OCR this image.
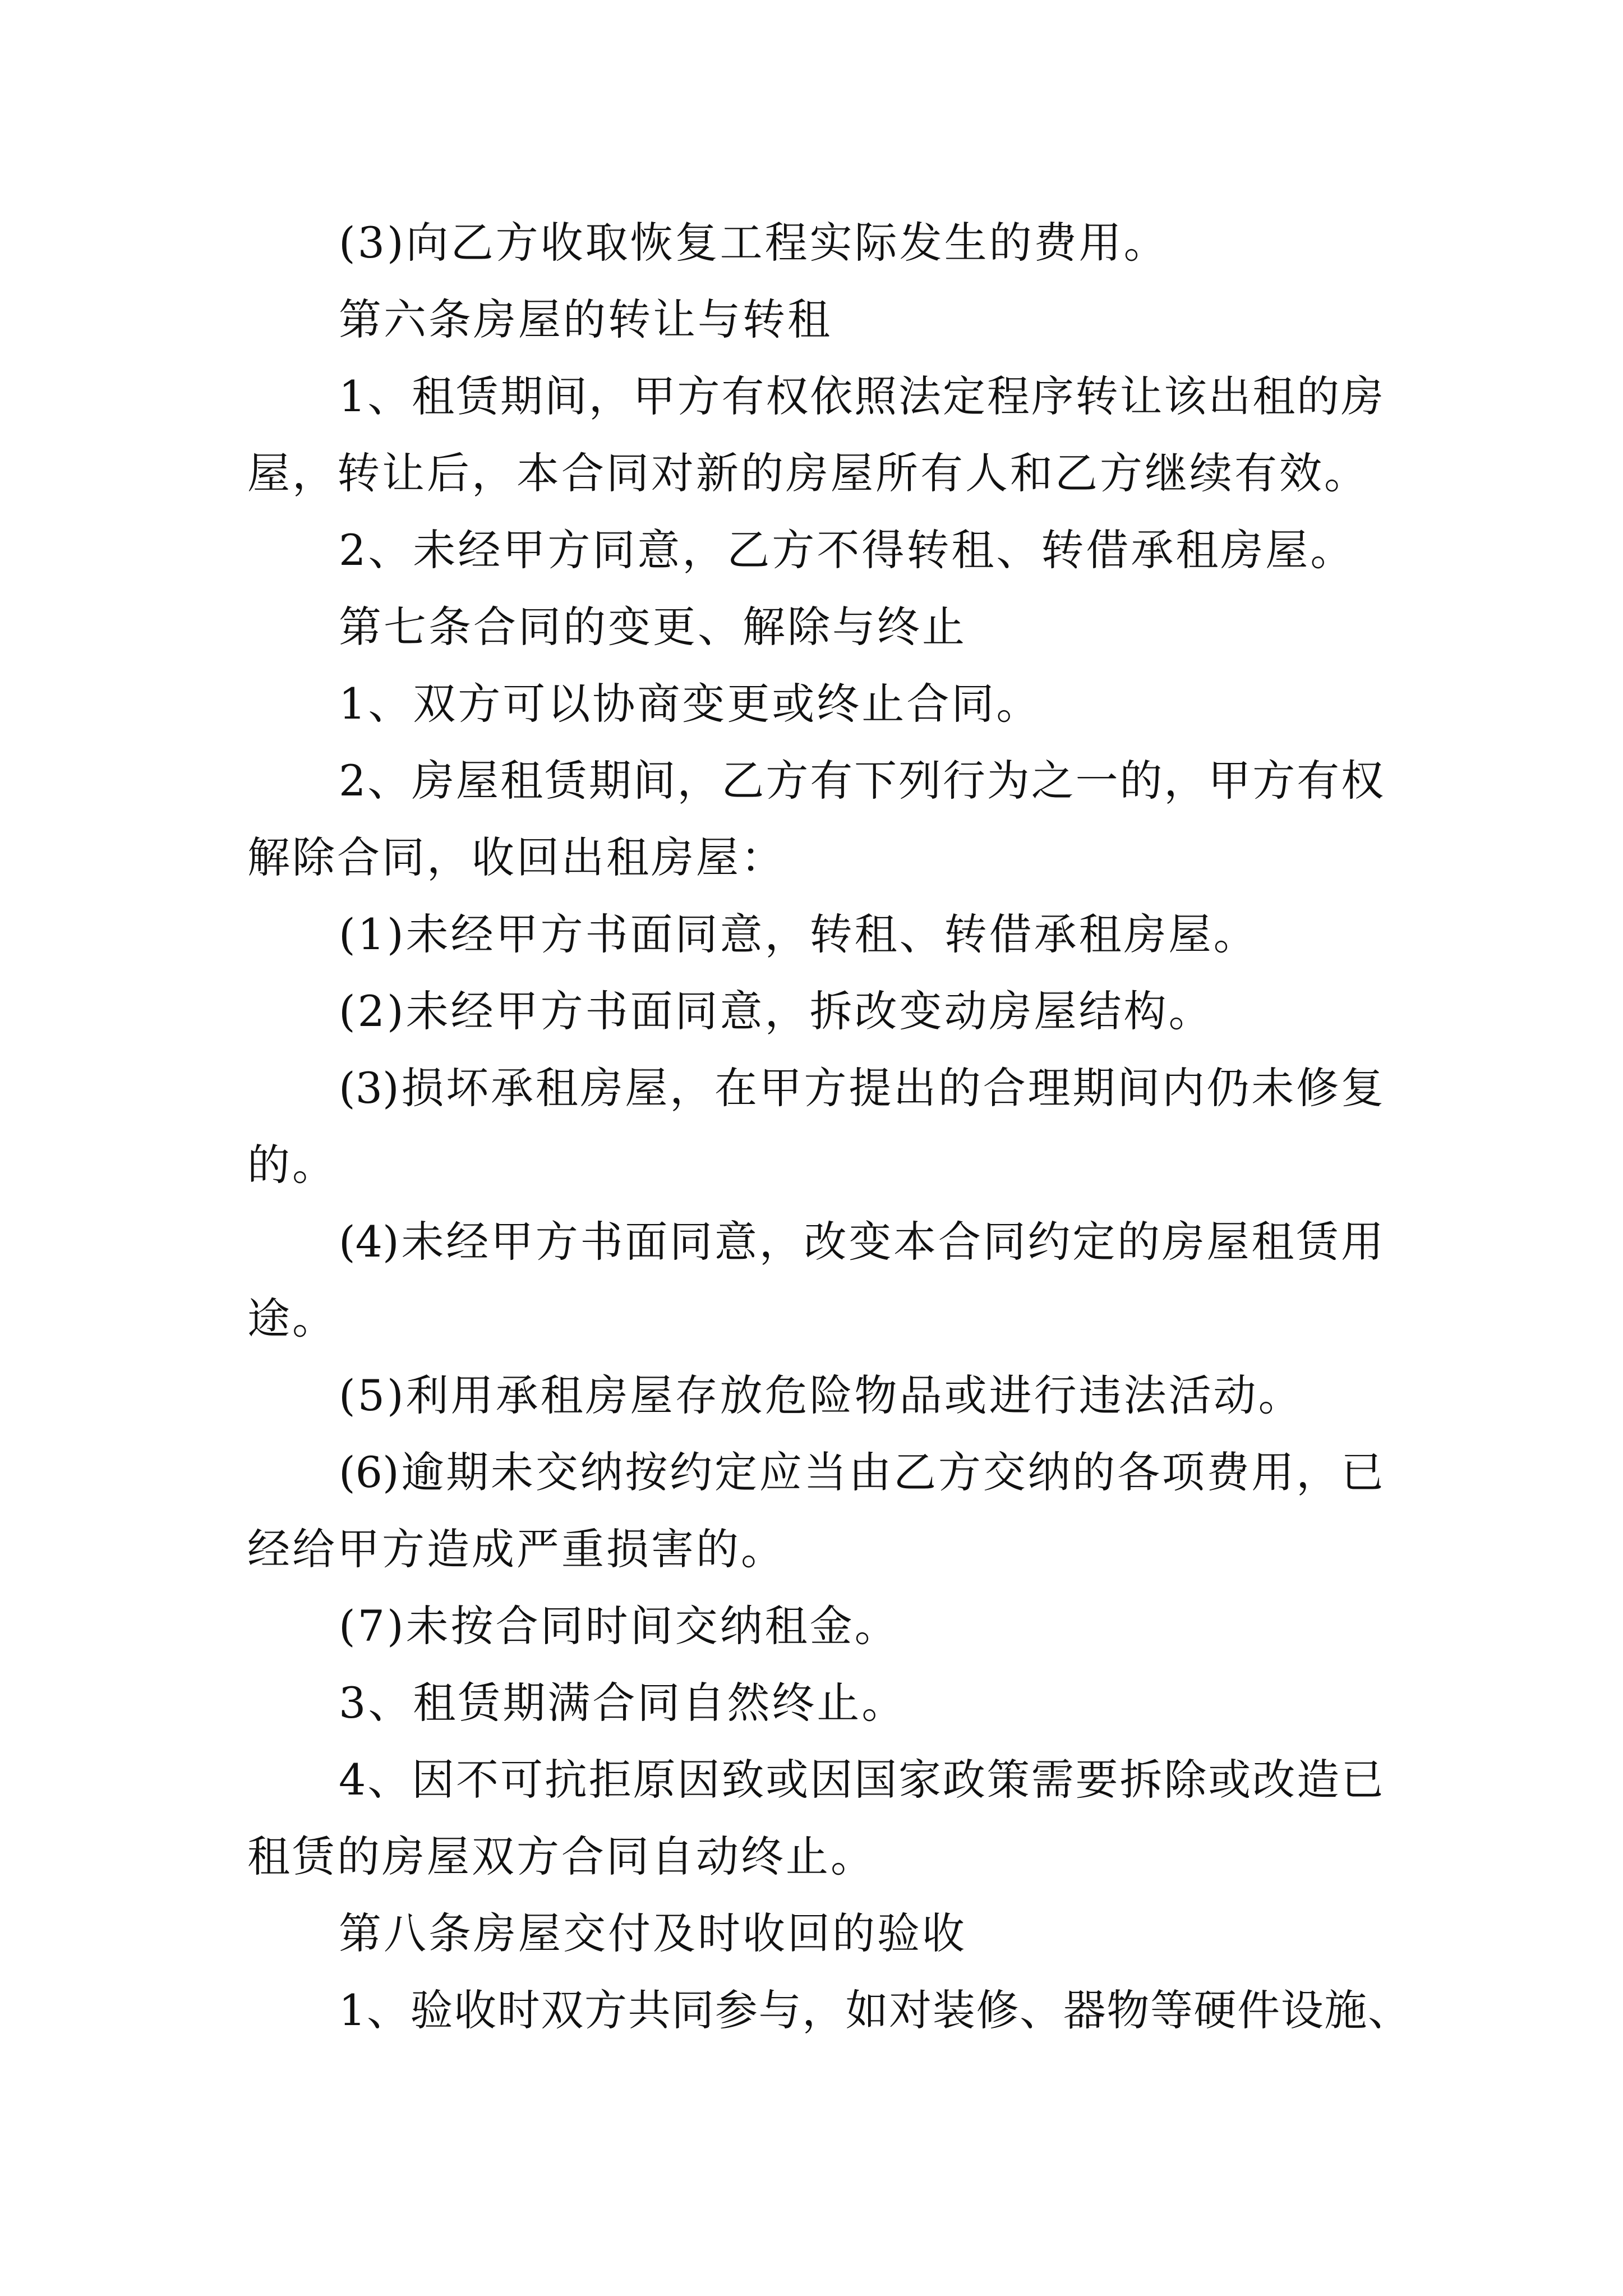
(3)向乙方收取恢复工程实际发生的费用。
第六条房屋的转让与转租
1、租赁期间，甲方有权依照法定程序转让该出租的房
屋，转让后，本合同对新的房屋所有人和乙方继续有效。
2、未经甲方同意，乙方不得转租、转借承租房屋。
第七条合同的变更、解除与终止
1、双方可以协商变更或终止合同。
2、房屋租赁期间，乙方有下列行为之一的，甲方有权
解除合同，收回出租房屋：
(1)未经甲方书面同意，转租、转借承租房屋。
(2)未经甲方书面同意，拆改变动房屋结构。
(3)损坏承租房屋，在甲方提出的合理期间内仍未修复
的。
(4)未经甲方书面同意，改变本合同约定的房屋租赁用
途。
(5)利用承租房屋存放危险物品或进行违法活动。
(6)逾期未交纳按约定应当由乙方交纳的各项费用，已
经给甲方造成严重损害的。
(7)未按合同时间交纳租金。
3、租赁期满合同自然终止。
4、因不可抗拒原因致或因国家政策需要拆除或改造已
租赁的房屋双方合同自动终止。
第八条房屋交付及时收回的验收
1、验收时双方共同参与，如对装修、器物等硬件设施、
